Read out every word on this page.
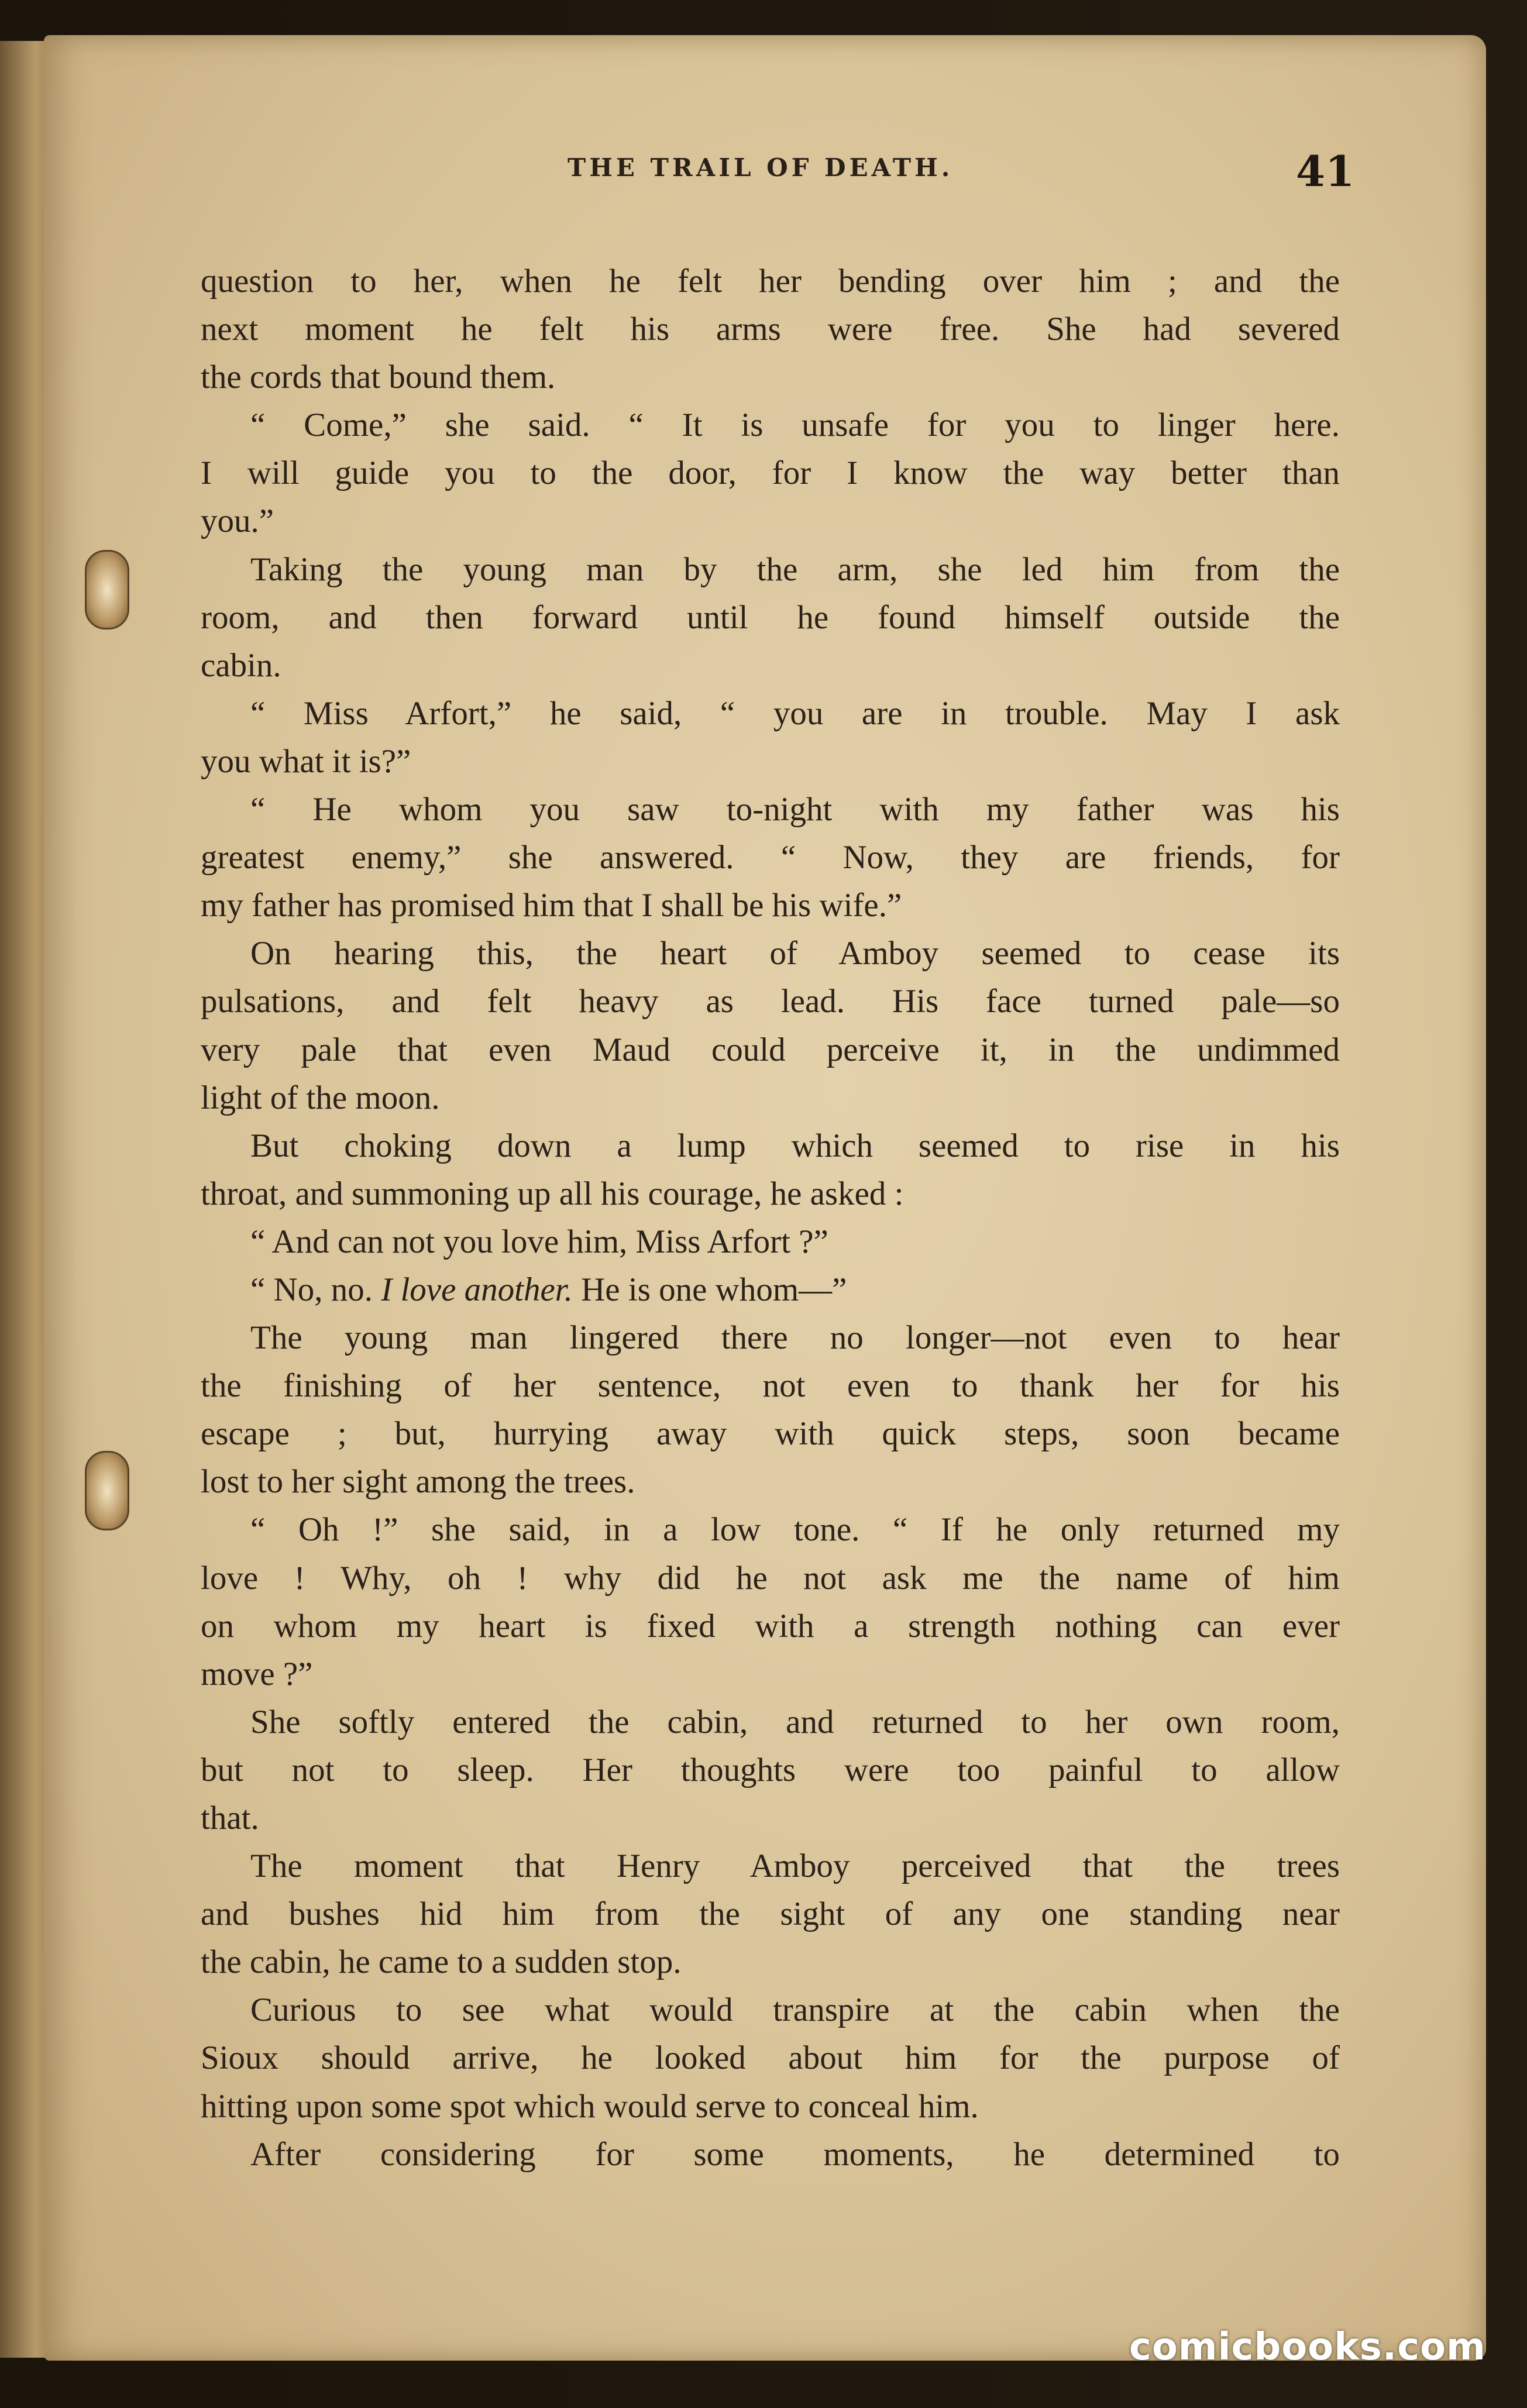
THE TRAIL OF DEATH.	41
question to her, when he felt her bending over him ; and the
next moment he felt his arms were free. She had severed
the cords that bound them.
“ Come,” she said. “ It is unsafe for you to linger here.
I will guide you to the door, for I know the way better than
you.”
Taking the young man by the arm, she led him from the
room, and then forward until he found himself outside the
cabin.
“ Miss Arfort,” he said, “ you are in trouble. May I ask
you what it is?”
“ He whom you saw to-night with my father was his
greatest enemy,” she answered. “ Now, they are friends, for
my father has promised him that I shall be his wife.”
On hearing this, the heart of Amboy seemed to cease its
pulsations, and felt heavy as lead. His face turned pale—so
very pale that even Maud could perceive it, in the undimmed
light of the moon.
But choking down a lump which seemed to rise in his
throat, and summoning up all his courage, he asked :
“ And can not you love him, Miss Arfort ?”
“ No, no. I love another. He is one whom—”
The young man lingered there no longer—not even to hear
the finishing of her sentence, not even to thank her for his
escape ; but, hurrying away with quick steps, soon became
lost to her sight among the trees.
“ Oh !” she said, in a low tone. “ If he only returned my
love ! Why, oh ! why did he not ask me the name of him
on whom my heart is fixed with a strength nothing can ever
move ?”
She softly entered the cabin, and returned to her own room,
but not to sleep. Her thoughts were too painful to allow
that.
The moment that Henry Amboy perceived that the trees
and bushes hid him from the sight of any one standing near
the cabin, he came to a sudden stop.
Curious to see what would transpire at the cabin when the
Sioux should arrive, he looked about him for the purpose of
hitting upon some spot which would serve to conceal him.
After considering for some moments, he determined to
comicbooks.com
